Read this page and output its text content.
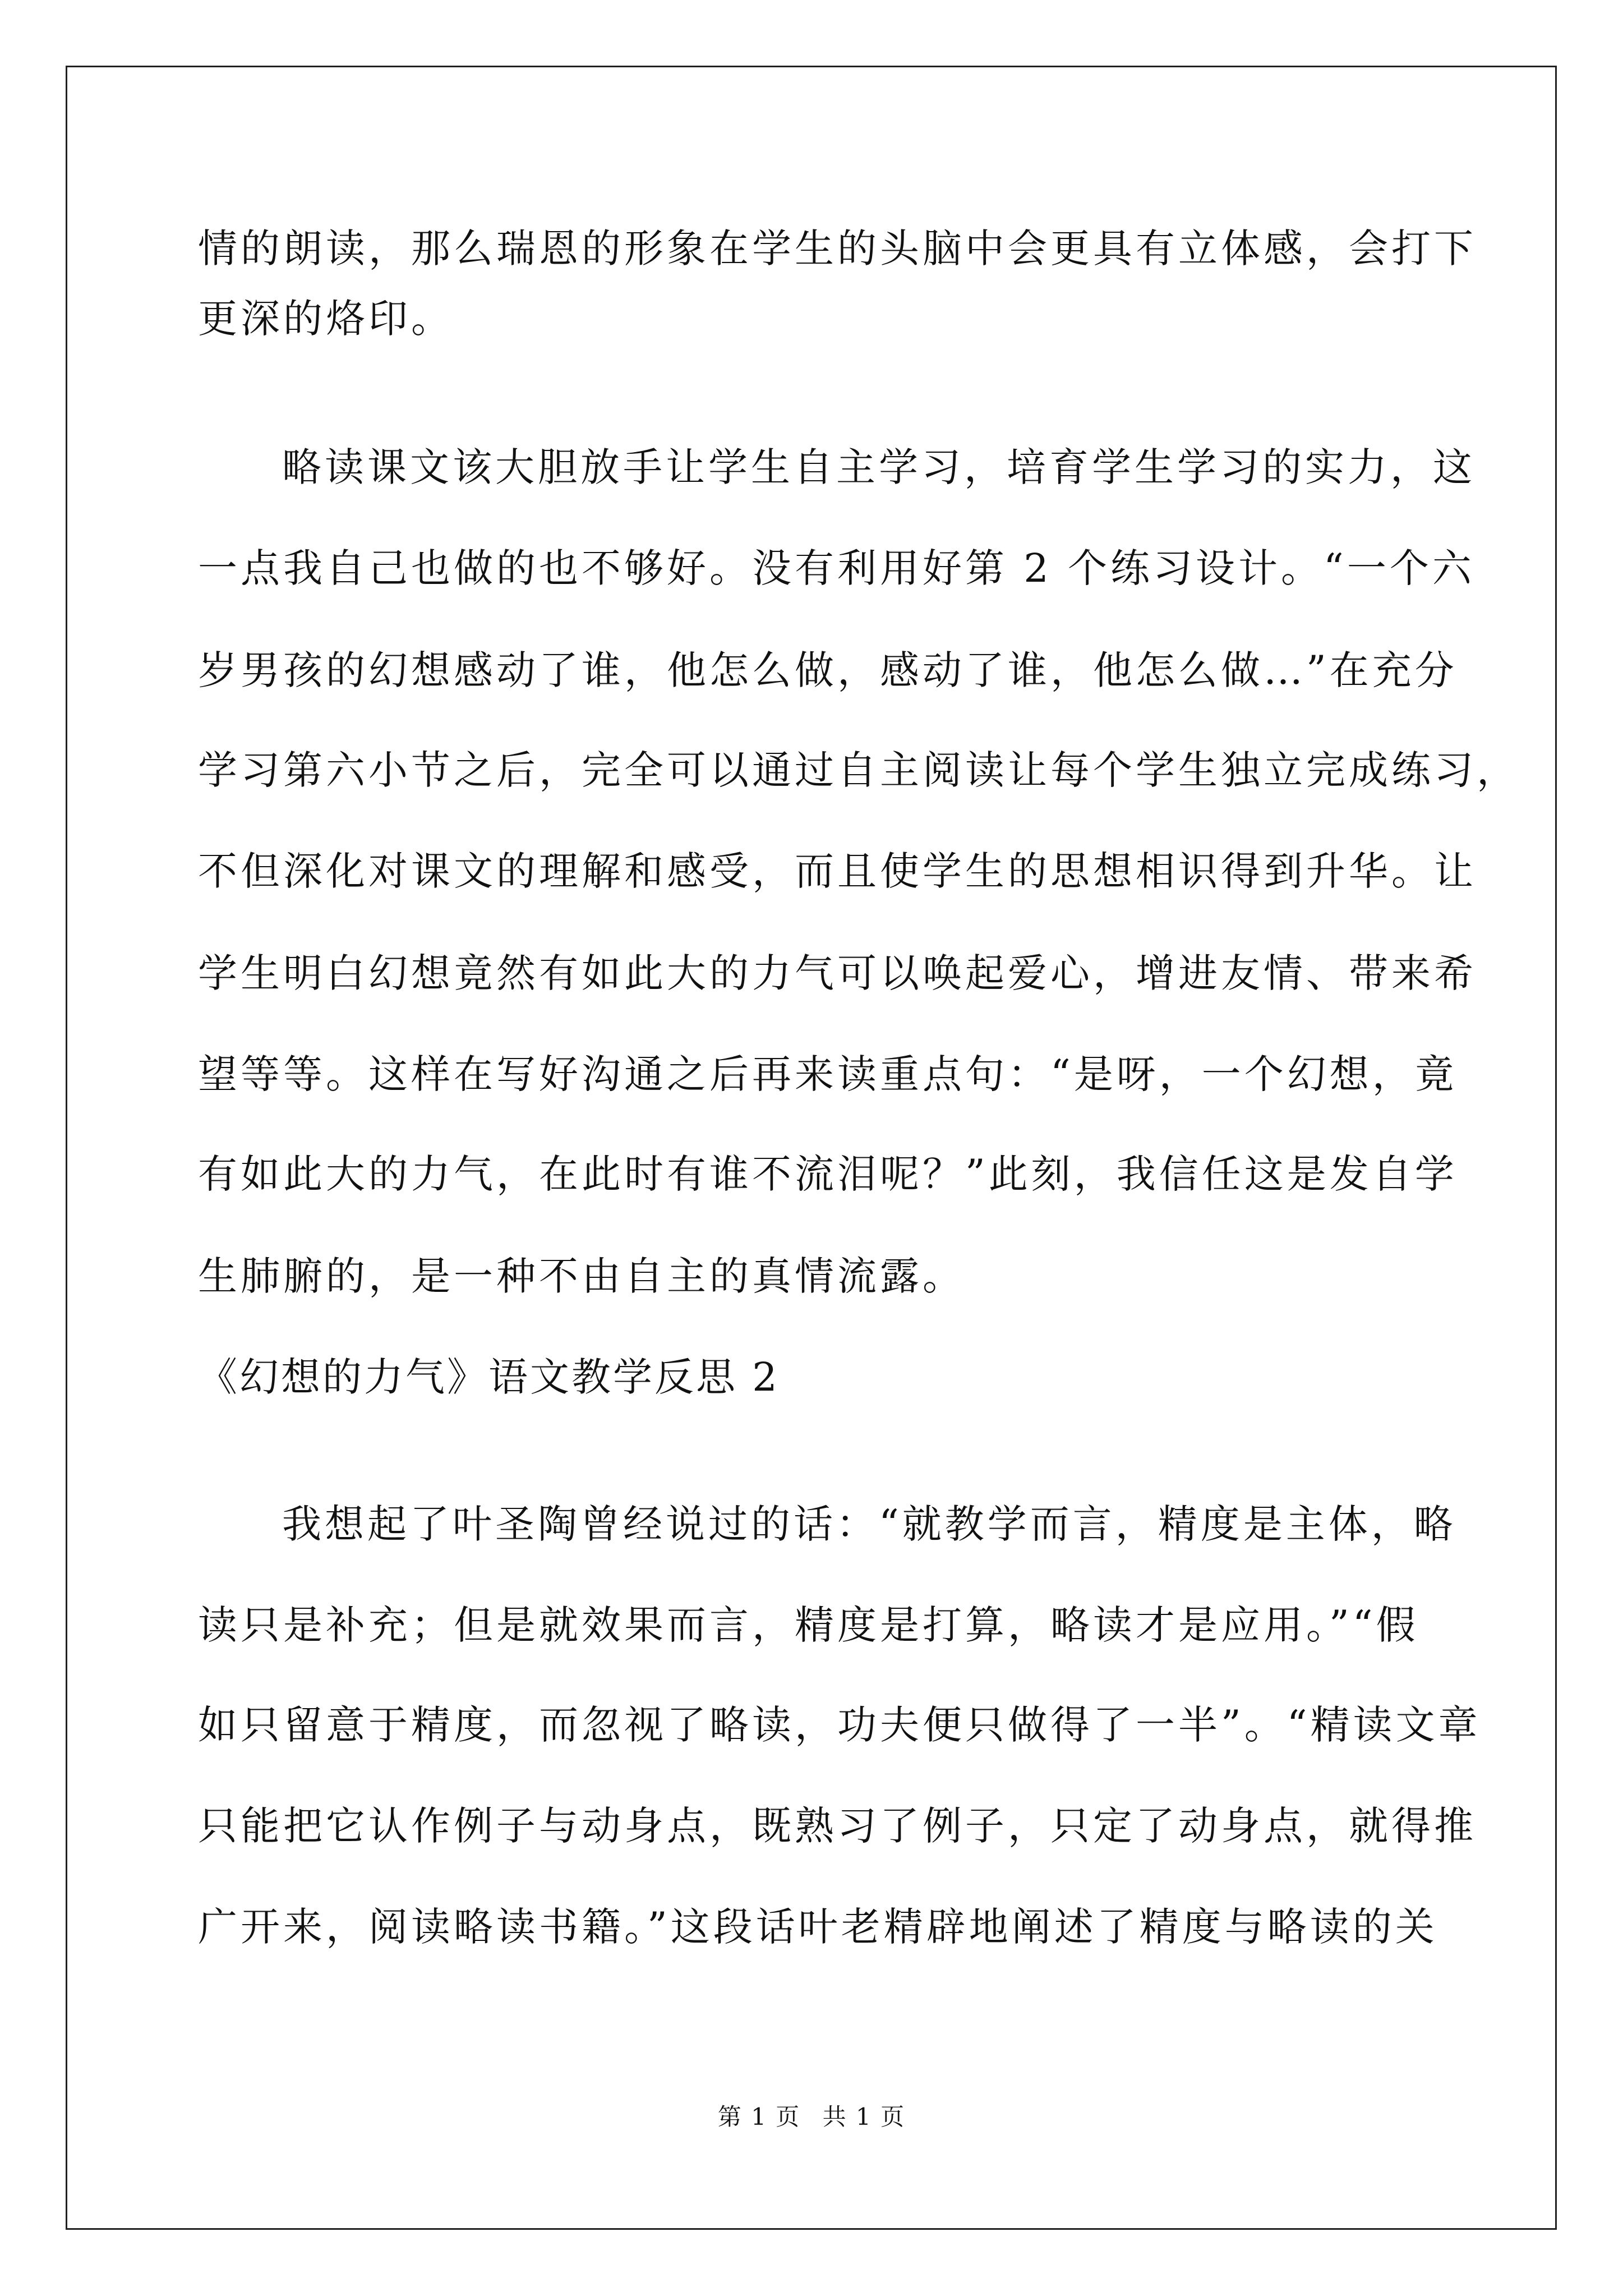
情的朗读，那么瑞恩的形象在学生的头脑中会更具有立体感，会打下
更深的烙印。
略读课文该大胆放手让学生自主学习，培育学生学习的实力，这
一点我自己也做的也不够好。没有利用好第 2 个练习设计。“一个六
岁男孩的幻想感动了谁，他怎么做，感动了谁，他怎么做…”在充分
学习第六小节之后，完全可以通过自主阅读让每个学生独立完成练习，
不但深化对课文的理解和感受，而且使学生的思想相识得到升华。让
学生明白幻想竟然有如此大的力气可以唤起爱心，增进友情、带来希
望等等。这样在写好沟通之后再来读重点句：“是呀，一个幻想，竟
有如此大的力气，在此时有谁不流泪呢？”此刻，我信任这是发自学
生肺腑的，是一种不由自主的真情流露。
《幻想的力气》语文教学反思 2
我想起了叶圣陶曾经说过的话：“就教学而言，精度是主体，略
读只是补充；但是就效果而言，精度是打算，略读才是应用。”“假
如只留意于精度，而忽视了略读，功夫便只做得了一半”。“精读文章
只能把它认作例子与动身点，既熟习了例子，只定了动身点，就得推
广开来，阅读略读书籍。”这段话叶老精辟地阐述了精度与略读的关
第 1 页 共 1 页
